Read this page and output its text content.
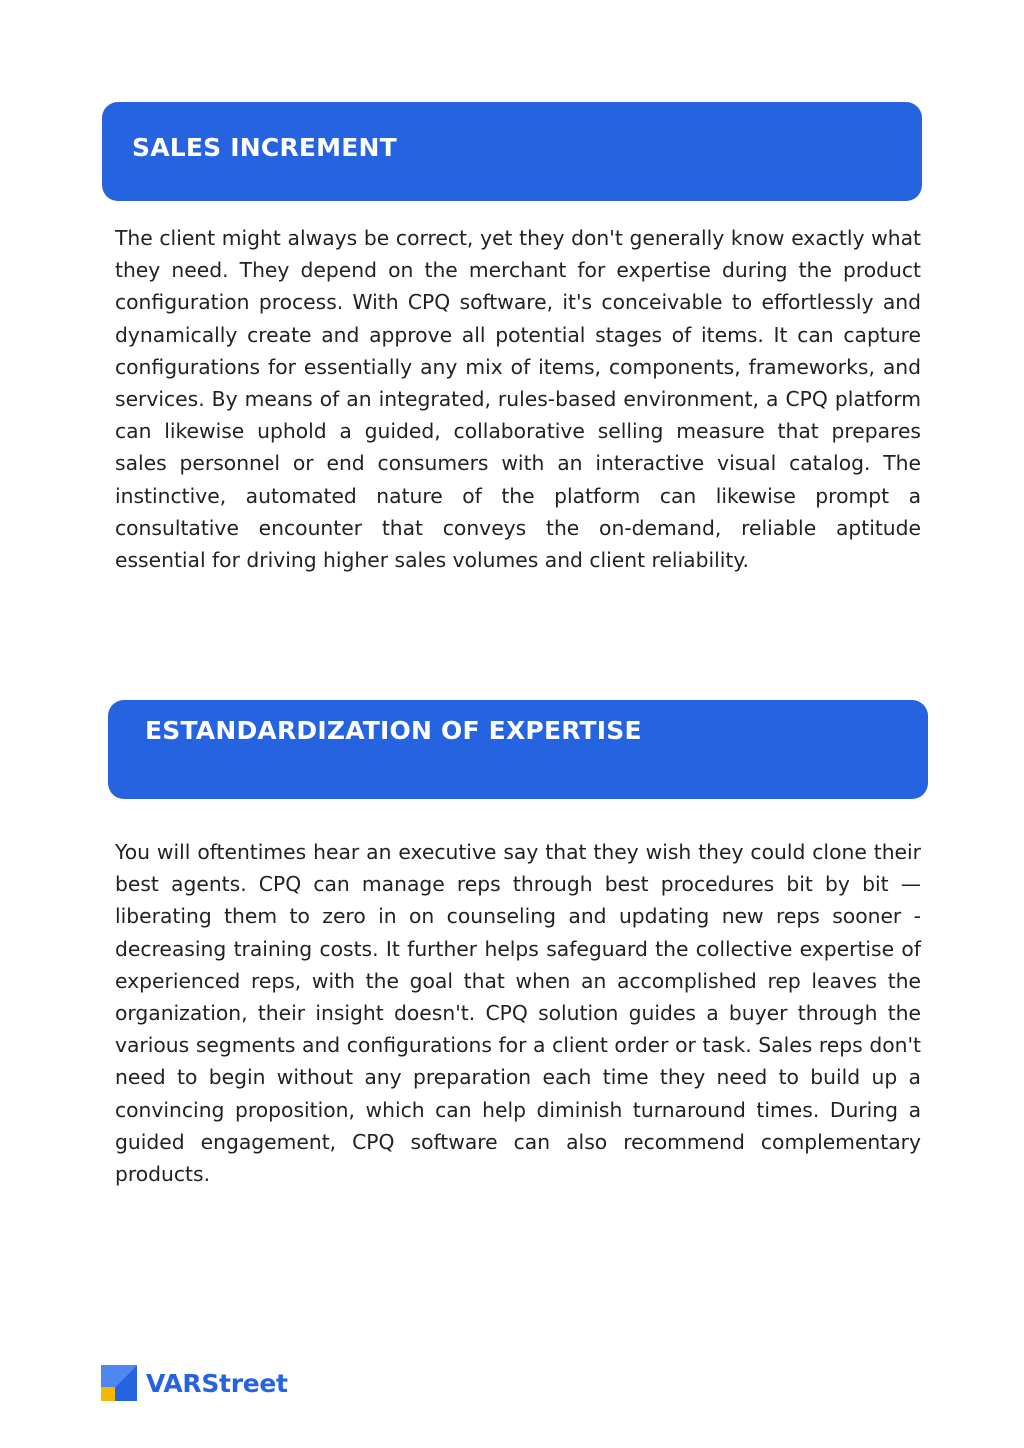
SALES INCREMENT

The client might always be correct, yet they don't generally know exactly what they need. They depend on the merchant for expertise during the product configuration process. With CPQ software, it's conceivable to effortlessly and dynamically create and approve all potential stages of items. It can capture configurations for essentially any mix of items, components, frameworks, and services. By means of an integrated, rules-based environment, a CPQ platform can likewise uphold a guided, collaborative selling measure that prepares sales personnel or end consumers with an interactive visual catalog. The instinctive, automated nature of the platform can likewise prompt a consultative encounter that conveys the on-demand, reliable aptitude essential for driving higher sales volumes and client reliability.

ESTANDARDIZATION OF EXPERTISE

You will oftentimes hear an executive say that they wish they could clone their best agents. CPQ can manage reps through best procedures bit by bit — liberating them to zero in on counseling and updating new reps sooner - decreasing training costs. It further helps safeguard the collective expertise of experienced reps, with the goal that when an accomplished rep leaves the organization, their insight doesn't. CPQ solution guides a buyer through the various segments and configurations for a client order or task. Sales reps don't need to begin without any preparation each time they need to build up a convincing proposition, which can help diminish turnaround times. During a guided engagement, CPQ software can also recommend complementary products.

VARStreet
